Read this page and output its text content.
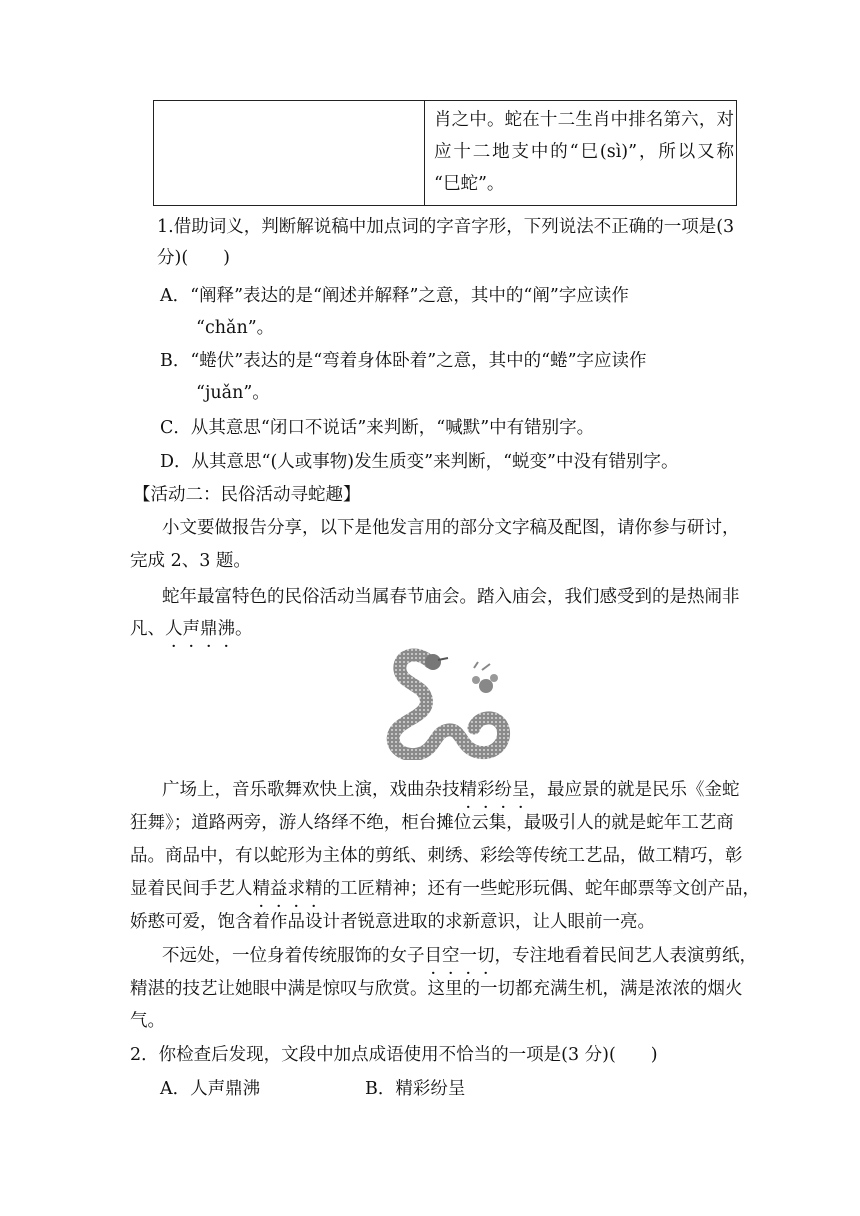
肖之中。蛇在十二生肖中排名第六，对
应十二地支中的“巳(sì)”，所以又称
“巳蛇”。
1.借助词义，判断解说稿中加点词的字音字形，下列说法不正确的一项是(3
分)(　　)
A．“阐释”表达的是“阐述并解释”之意，其中的“阐”字应读作
“chǎn”。
B．“蜷伏”表达的是“弯着身体卧着”之意，其中的“蜷”字应读作
“juǎn”。
C．从其意思“闭口不说话”来判断，“喊默”中有错别字。
D．从其意思“(人或事物)发生质变”来判断，“蜕变”中没有错别字。
【活动二：民俗活动寻蛇趣】
小文要做报告分享，以下是他发言用的部分文字稿及配图，请你参与研讨，
完成 2、3 题。
蛇年最富特色的民俗活动当属春节庙会。踏入庙会，我们感受到的是热闹非
凡、人声鼎沸。
广场上，音乐歌舞欢快上演，戏曲杂技精彩纷呈，最应景的就是民乐《金蛇
狂舞》；道路两旁，游人络绎不绝，柜台摊位云集，最吸引人的就是蛇年工艺商
品。商品中，有以蛇形为主体的剪纸、刺绣、彩绘等传统工艺品，做工精巧，彰
显着民间手艺人精益求精的工匠精神；还有一些蛇形玩偶、蛇年邮票等文创产品，
娇憨可爱，饱含着作品设计者锐意进取的求新意识，让人眼前一亮。
不远处，一位身着传统服饰的女子目空一切，专注地看着民间艺人表演剪纸，
精湛的技艺让她眼中满是惊叹与欣赏。这里的一切都充满生机，满是浓浓的烟火
气。
2．你检查后发现，文段中加点成语使用不恰当的一项是(3 分)(　　)
A．人声鼎沸	B．精彩纷呈
